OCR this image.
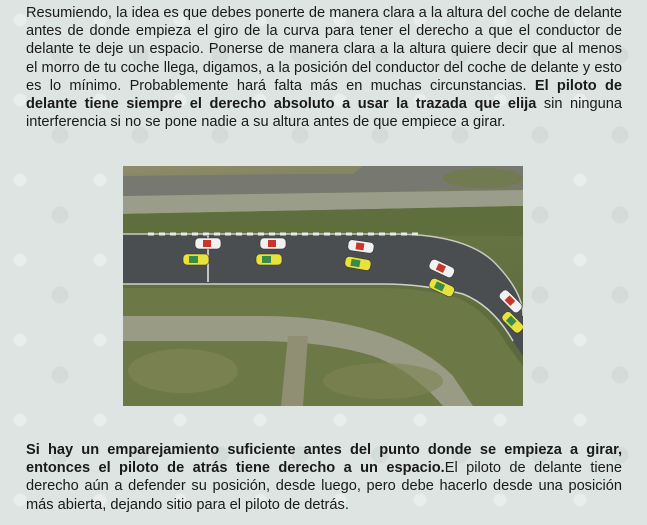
Resumiendo, la idea es que debes ponerte de manera clara a la altura del coche de delante antes de donde empieza el giro de la curva para tener el derecho a que el conductor de delante te deje un espacio. Ponerse de manera clara a la altura quiere decir que al menos el morro de tu coche llega, digamos, a la posición del conductor del coche de delante y esto es lo mínimo. Probablemente hará falta más en muchas circunstancias. El piloto de delante tiene siempre el derecho absoluto a usar la trazada que elija sin ninguna interferencia si no se pone nadie a su altura antes de que empiece a girar.

Si hay un emparejamiento suficiente antes del punto donde se empieza a girar, entonces el piloto de atrás tiene derecho a un espacio.El piloto de delante tiene derecho aún a defender su posición, desde luego, pero debe hacerlo desde una posición más abierta, dejando sitio para el piloto de detrás.
